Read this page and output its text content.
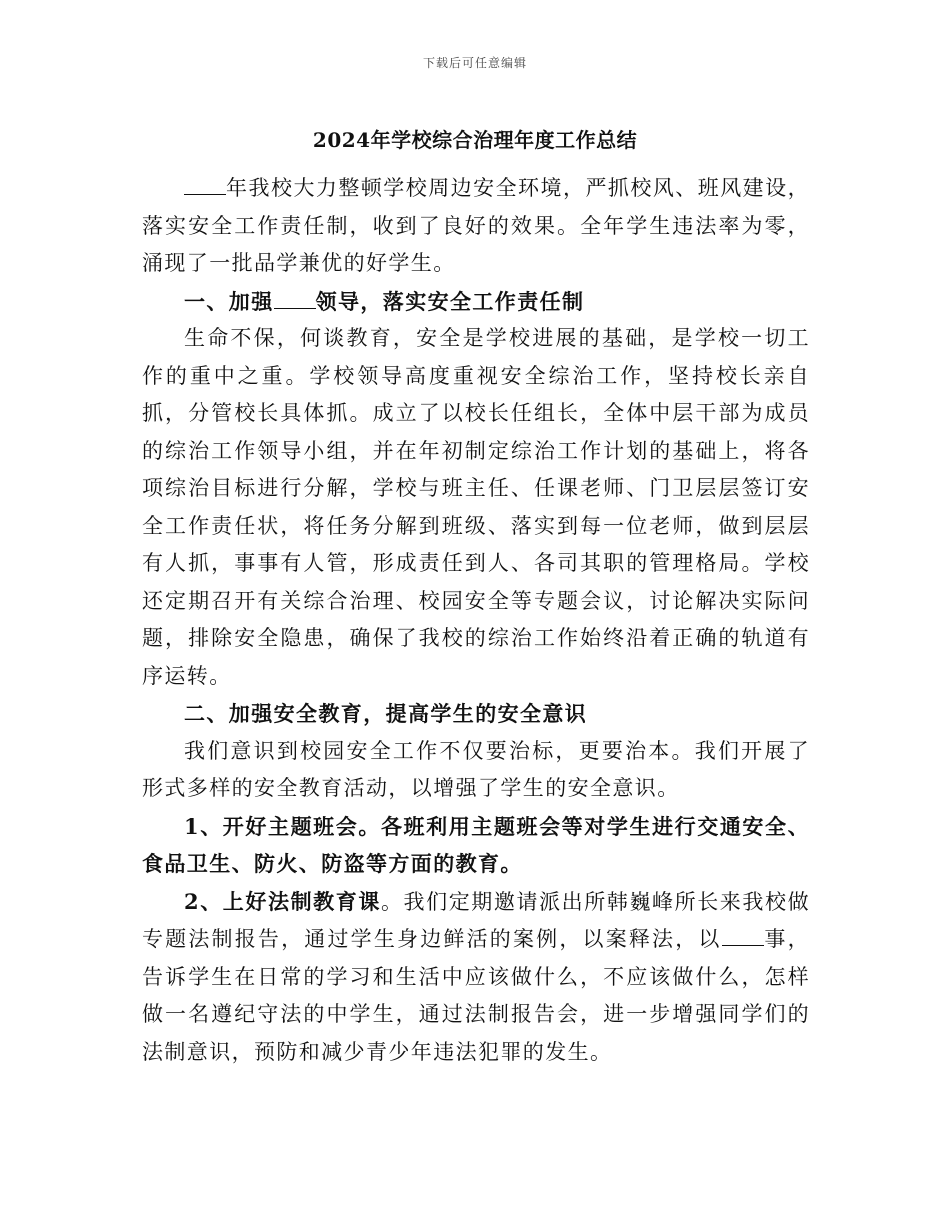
下载后可任意编辑
2024年学校综合治理年度工作总结

年我校大力整顿学校周边安全环境，严抓校风、班风建设，落实安全工作责任制，收到了良好的效果。全年学生违法率为零，涌现了一批品学兼优的好学生。

一、加强 领导，落实安全工作责任制

生命不保，何谈教育，安全是学校进展的基础，是学校一切工作的重中之重。学校领导高度重视安全综治工作，坚持校长亲自抓，分管校长具体抓。成立了以校长任组长，全体中层干部为成员的综治工作领导小组，并在年初制定综治工作计划的基础上，将各项综治目标进行分解，学校与班主任、任课老师、门卫层层签订安全工作责任状，将任务分解到班级、落实到每一位老师，做到层层有人抓，事事有人管，形成责任到人、各司其职的管理格局。学校还定期召开有关综合治理、校园安全等专题会议，讨论解决实际问题，排除安全隐患，确保了我校的综治工作始终沿着正确的轨道有序运转。

二、加强安全教育，提高学生的安全意识

我们意识到校园安全工作不仅要治标，更要治本。我们开展了形式多样的安全教育活动，以增强了学生的安全意识。

1、开好主题班会。各班利用主题班会等对学生进行交通安全、食品卫生、防火、防盗等方面的教育。

2、上好法制教育课。我们定期邀请派出所韩巍峰所长来我校做专题法制报告，通过学生身边鲜活的案例，以案释法，以 事，告诉学生在日常的学习和生活中应该做什么，不应该做什么，怎样做一名遵纪守法的中学生，通过法制报告会，进一步增强同学们的法制意识，预防和减少青少年违法犯罪的发生。
